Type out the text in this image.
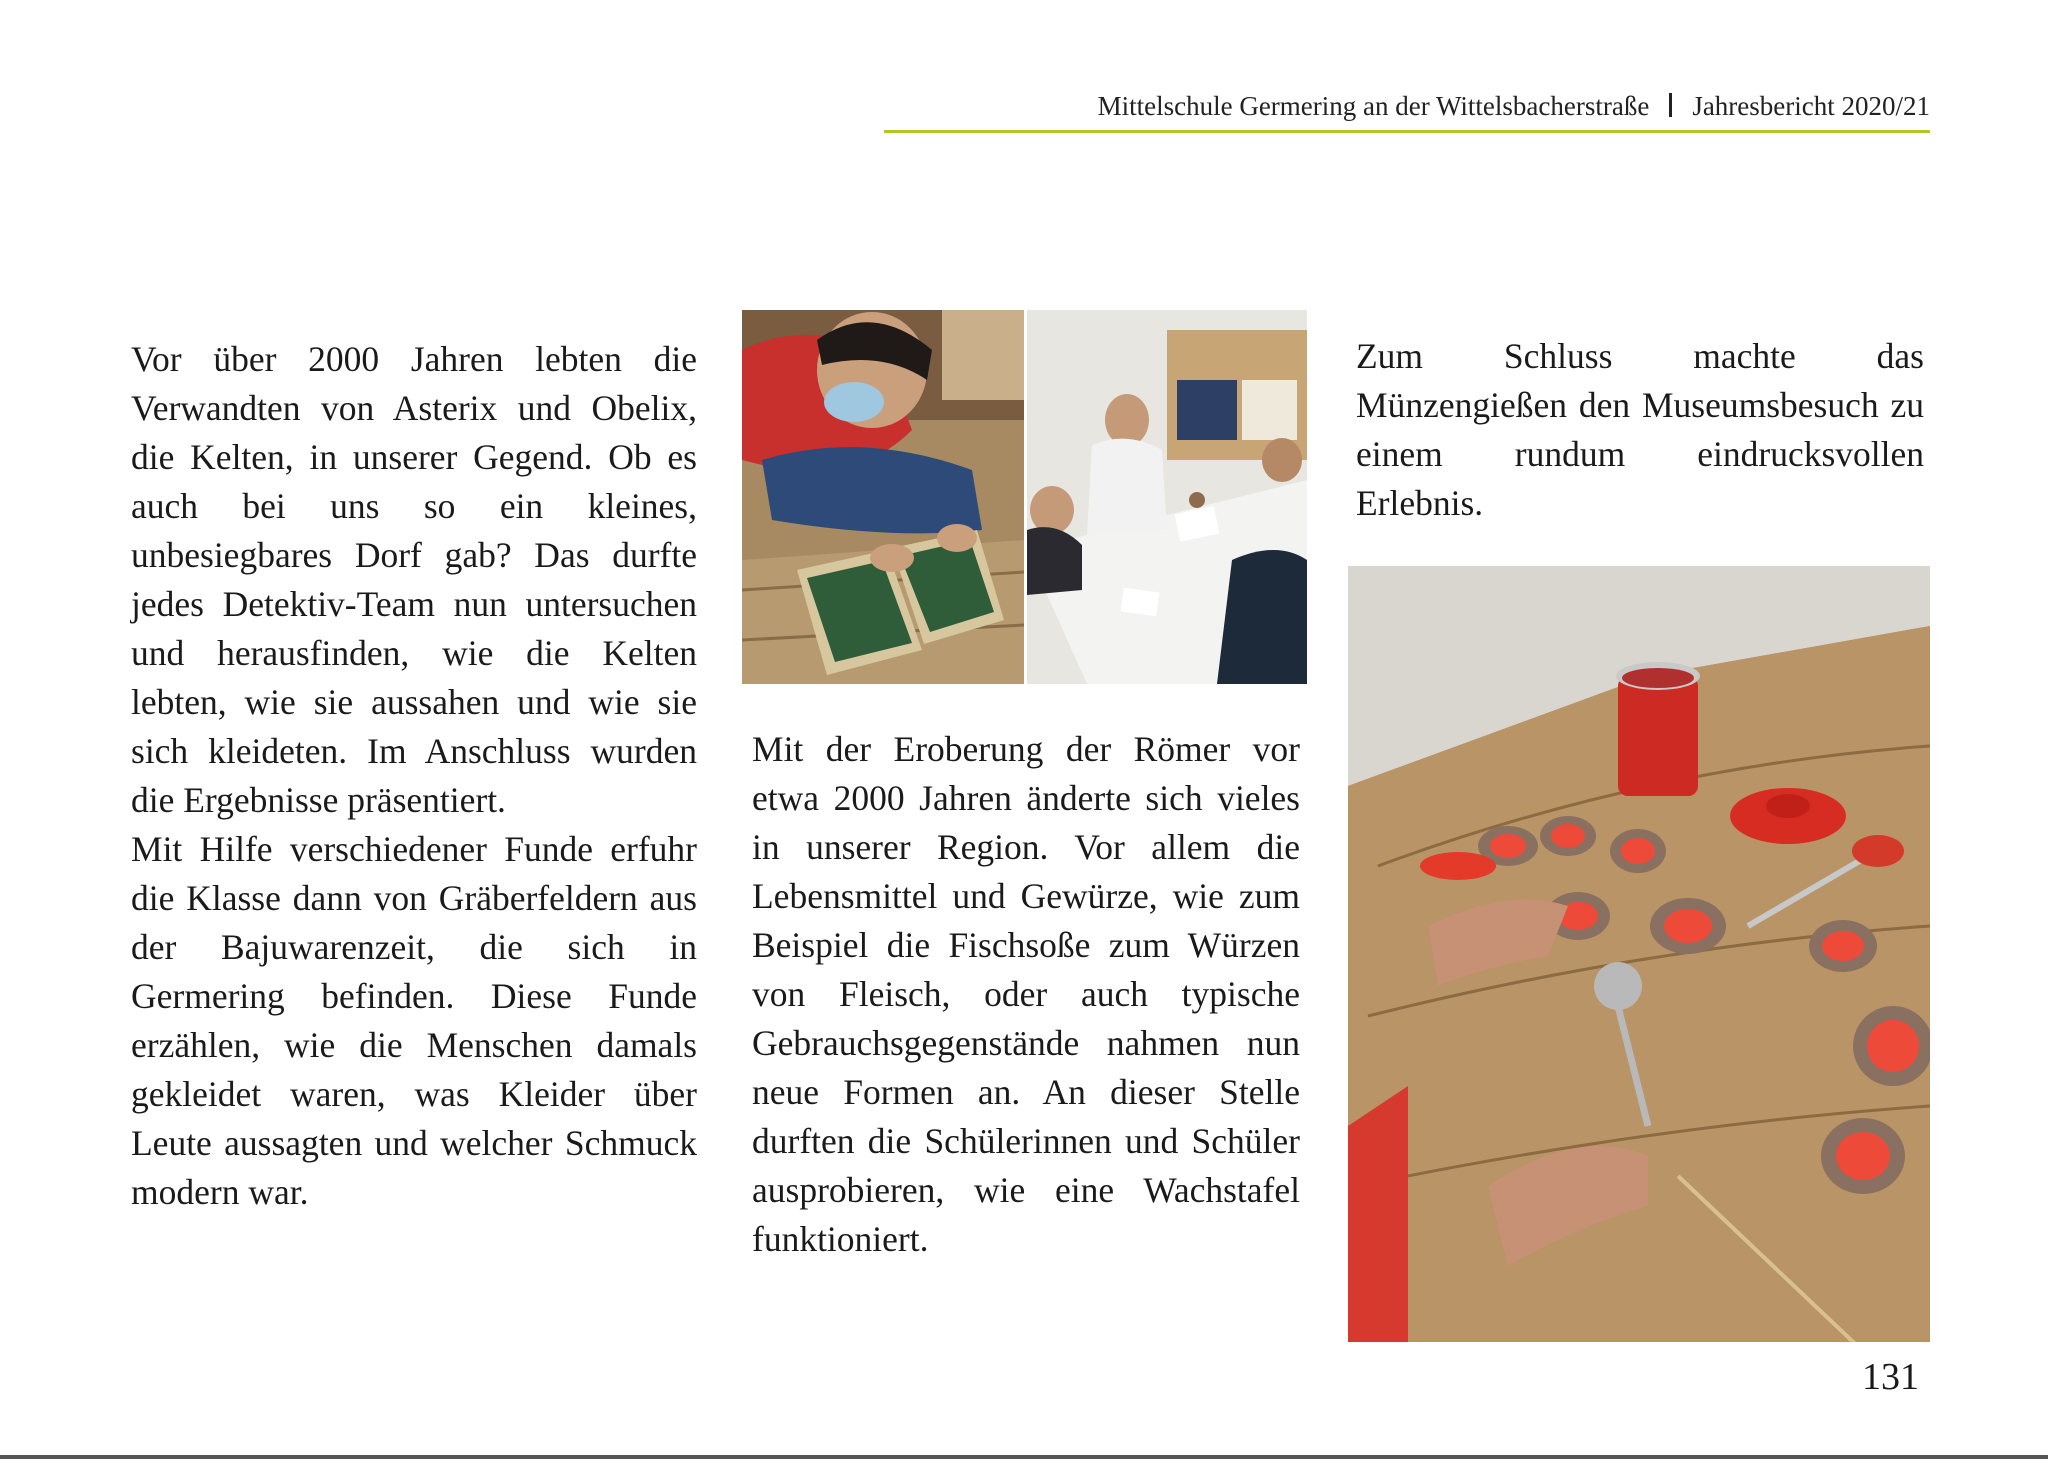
Mittelschule Germering an der Wittelsbacherstraße Jahresbericht 2020/21

Vor über 2000 Jahren lebten die Verwandten von Asterix und Obelix, die Kelten, in unserer Gegend. Ob es auch bei uns so ein kleines, unbesiegbares Dorf gab? Das durfte jedes Detektiv-Team nun untersuchen und herausfinden, wie die Kelten lebten, wie sie aussahen und wie sie sich kleideten. Im Anschluss wurden die Ergebnisse präsentiert.

Mit Hilfe verschiedener Funde erfuhr die Klasse dann von Gräberfeldern aus der Bajuwarenzeit, die sich in Germering befinden. Diese Funde erzählen, wie die Menschen damals gekleidet waren, was Kleider über Leute aussagten und welcher Schmuck modern war.

Mit der Eroberung der Römer vor etwa 2000 Jahren änderte sich vieles in unserer Region. Vor allem die Lebensmittel und Gewürze, wie zum Beispiel die Fischsoße zum Würzen von Fleisch, oder auch typische Gebrauchsgegenstände nahmen nun neue Formen an. An dieser Stelle durften die Schülerinnen und Schüler ausprobieren, wie eine Wachstafel funktioniert.

Zum Schluss machte das Münzengießen den Museumsbesuch zu einem rundum eindrucksvollen Erlebnis.

131
